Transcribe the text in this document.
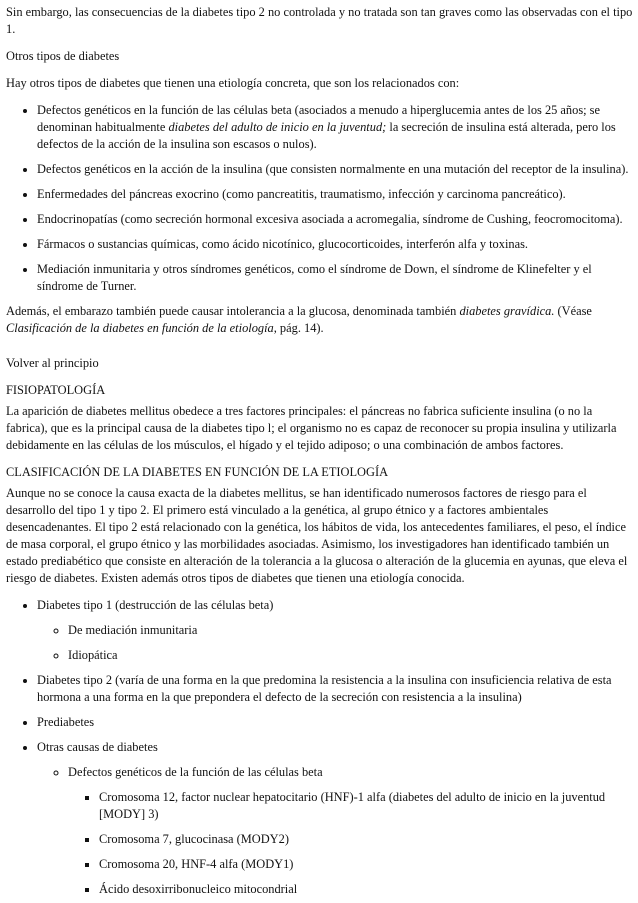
Sin embargo, las consecuencias de la diabetes tipo 2 no controlada y no tratada son tan graves como las observadas con el tipo 1.

Otros tipos de diabetes

Hay otros tipos de diabetes que tienen una etiología concreta, que son los relacionados con:

• Defectos genéticos en la función de las células beta (asociados a menudo a hiperglucemia antes de los 25 años; se denominan habitualmente diabetes del adulto de inicio en la juventud; la secreción de insulina está alterada, pero los defectos de la acción de la insulina son escasos o nulos).
• Defectos genéticos en la acción de la insulina (que consisten normalmente en una mutación del receptor de la insulina).
• Enfermedades del páncreas exocrino (como pancreatitis, traumatismo, infección y carcinoma pancreático).
• Endocrinopatías (como secreción hormonal excesiva asociada a acromegalia, síndrome de Cushing, feocromocitoma).
• Fármacos o sustancias químicas, como ácido nicotínico, glucocorticoides, interferón alfa y toxinas.
• Mediación inmunitaria y otros síndromes genéticos, como el síndrome de Down, el síndrome de Klinefelter y el síndrome de Turner.

Además, el embarazo también puede causar intolerancia a la glucosa, denominada también diabetes gravídica. (Véase Clasificación de la diabetes en función de la etiología, pág. 14).

Volver al principio

FISIOPATOLOGÍA

La aparición de diabetes mellitus obedece a tres factores principales: el páncreas no fabrica suficiente insulina (o no la fabrica), que es la principal causa de la diabetes tipo l; el organismo no es capaz de reconocer su propia insulina y utilizarla debidamente en las células de los músculos, el hígado y el tejido adiposo; o una combinación de ambos factores.

CLASIFICACIÓN DE LA DIABETES EN FUNCIÓN DE LA ETIOLOGÍA

Aunque no se conoce la causa exacta de la diabetes mellitus, se han identificado numerosos factores de riesgo para el desarrollo del tipo 1 y tipo 2. El primero está vinculado a la genética, al grupo étnico y a factores ambientales desencadenantes. El tipo 2 está relacionado con la genética, los hábitos de vida, los antecedentes familiares, el peso, el índice de masa corporal, el grupo étnico y las morbilidades asociadas. Asimismo, los investigadores han identificado también un estado prediabético que consiste en alteración de la tolerancia a la glucosa o alteración de la glucemia en ayunas, que eleva el riesgo de diabetes. Existen además otros tipos de diabetes que tienen una etiología conocida.

• Diabetes tipo 1 (destrucción de las células beta)
◦ De mediación inmunitaria
◦ Idiopática
• Diabetes tipo 2 (varía de una forma en la que predomina la resistencia a la insulina con insuficiencia relativa de esta hormona a una forma en la que prepondera el defecto de la secreción con resistencia a la insulina)
• Prediabetes
• Otras causas de diabetes
◦ Defectos genéticos de la función de las células beta
▪ Cromosoma 12, factor nuclear hepatocitario (HNF)-1 alfa (diabetes del adulto de inicio en la juventud [MODY] 3)
▪ Cromosoma 7, glucocinasa (MODY2)
▪ Cromosoma 20, HNF-4 alfa (MODY1)
▪ Ácido desoxirribonucleico mitocondrial
